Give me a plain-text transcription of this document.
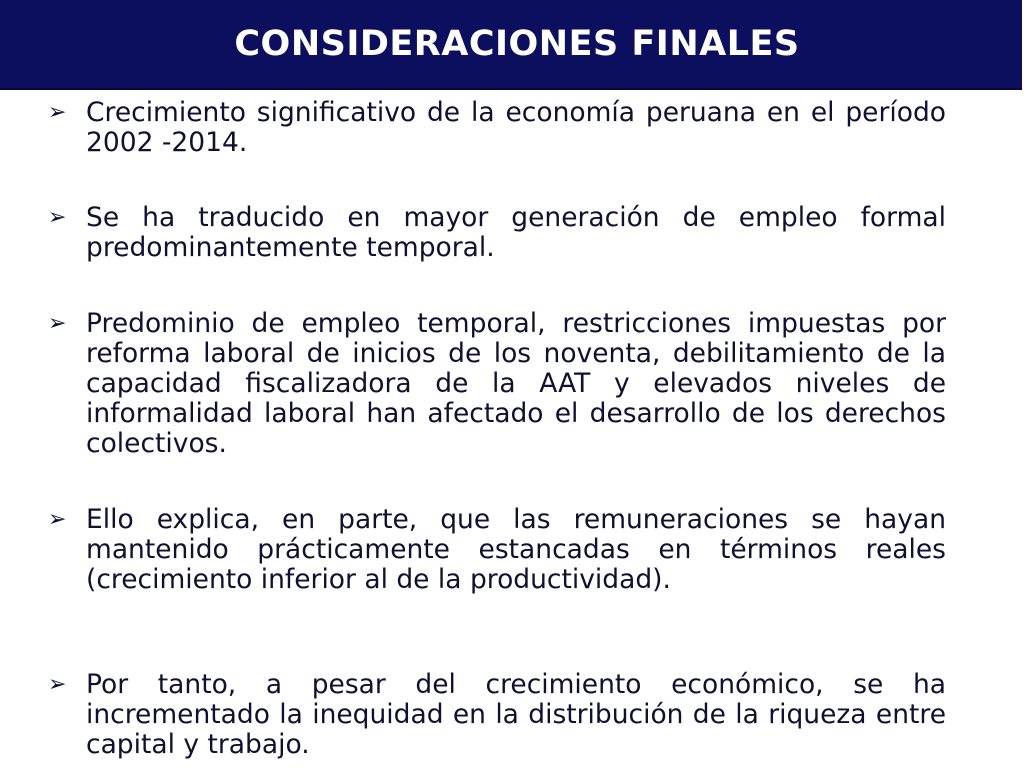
CONSIDERACIONES FINALES
➢ Crecimiento significativo de la economía peruana en el período 2002 -2014.
➢ Se ha traducido en mayor generación de empleo formal predominantemente temporal.
➢ Predominio de empleo temporal, restricciones impuestas por reforma laboral de inicios de los noventa, debilitamiento de la capacidad fiscalizadora de la AAT y elevados niveles de informalidad laboral han afectado el desarrollo de los derechos colectivos.
➢ Ello explica, en parte, que las remuneraciones se hayan mantenido prácticamente estancadas en términos reales (crecimiento inferior al de la productividad).
➢ Por tanto, a pesar del crecimiento económico, se ha incrementado la inequidad en la distribución de la riqueza entre capital y trabajo.
